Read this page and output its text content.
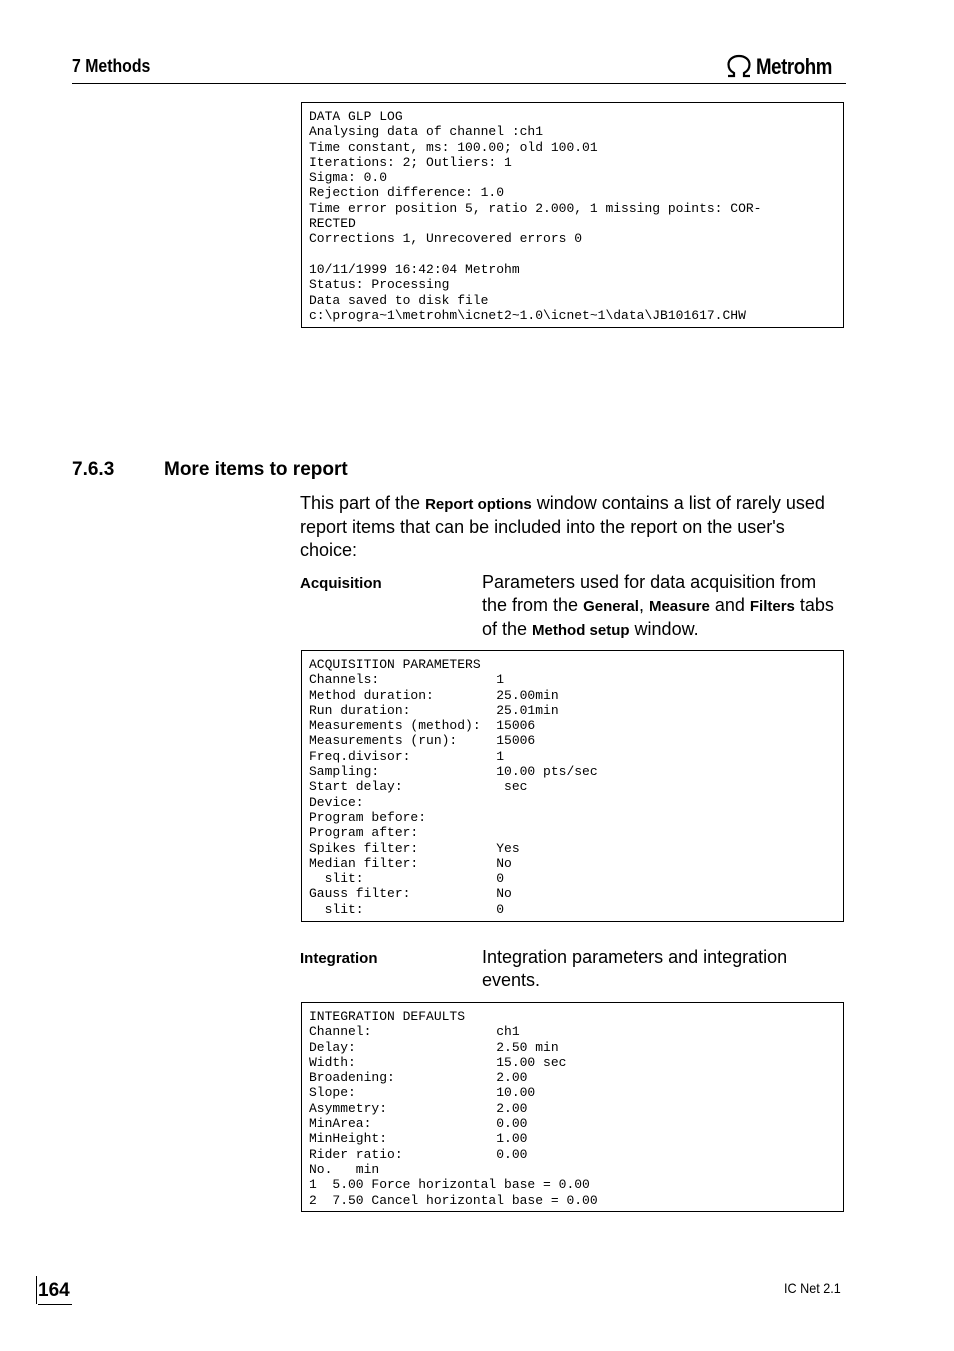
7 Methods	Metrohm
DATA GLP LOG
Analysing data of channel :ch1
Time constant, ms: 100.00; old 100.01
Iterations: 2; Outliers: 1
Sigma: 0.0
Rejection difference: 1.0
Time error position 5, ratio 2.000, 1 missing points: COR-
RECTED
Corrections 1, Unrecovered errors 0

10/11/1999 16:42:04 Metrohm
Status: Processing
Data saved to disk file
c:\progra~1\metrohm\icnet2~1.0\icnet~1\data\JB101617.CHW
7.6.3	More items to report
This part of the Report options window contains a list of rarely used report items that can be included into the report on the user's choice:
Acquisition	Parameters used for data acquisition from the from the General, Measure and Filters tabs of the Method setup window.
ACQUISITION PARAMETERS
Channels:               1
Method duration:        25.00min
Run duration:           25.01min
Measurements (method):  15006
Measurements (run):     15006
Freq.divisor:           1
Sampling:               10.00 pts/sec
Start delay:             sec
Device:
Program before:
Program after:
Spikes filter:          Yes
Median filter:          No
slit:                 0
Gauss filter:           No
slit:                 0
Integration	Integration parameters and integration events.
INTEGRATION DEFAULTS
Channel:                ch1
Delay:                  2.50 min
Width:                  15.00 sec
Broadening:             2.00
Slope:                  10.00
Asymmetry:              2.00
MinArea:                0.00
MinHeight:              1.00
Rider ratio:            0.00
No.   min
1  5.00 Force horizontal base = 0.00
2  7.50 Cancel horizontal base = 0.00
164	IC Net 2.1
